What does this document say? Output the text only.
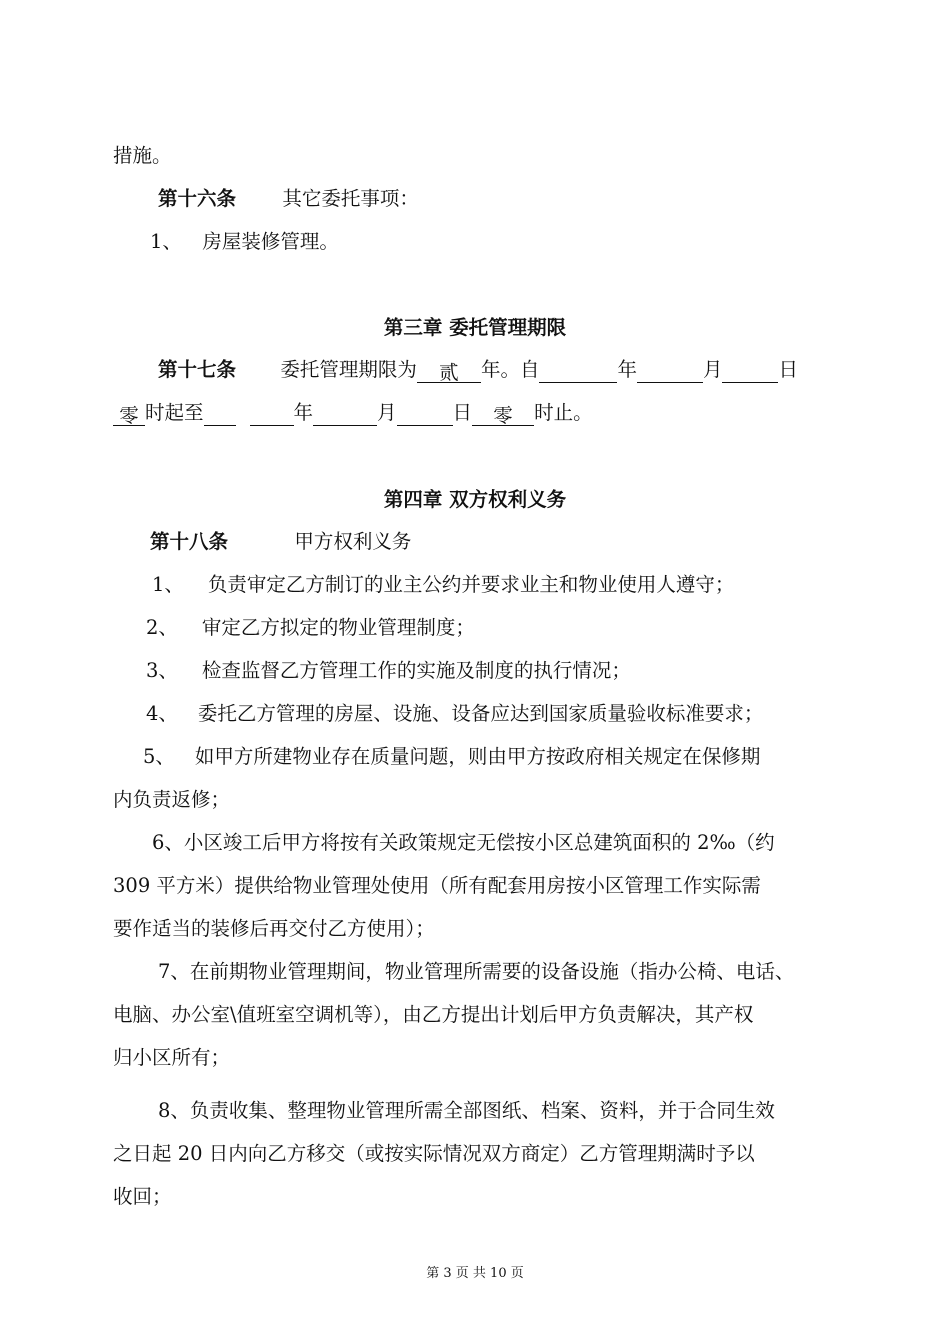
措施。
第十六条 其它委托事项：
1、 房屋装修管理。
第三章 委托管理期限
第十七条 委托管理期限为 贰 年。自	年	月	日
零 时起至	年	月	日 零 时止。
第四章 双方权利义务
第十八条	甲方权利义务
1、 负责审定乙方制订的业主公约并要求业主和物业使用人遵守；
2、 审定乙方拟定的物业管理制度；
3、 检查监督乙方管理工作的实施及制度的执行情况；
4、 委托乙方管理的房屋、设施、设备应达到国家质量验收标准要求；
5、 如甲方所建物业存在质量问题，则由甲方按政府相关规定在保修期
内负责返修；
6、小区竣工后甲方将按有关政策规定无偿按小区总建筑面积的 2‰（约
309 平方米）提供给物业管理处使用（所有配套用房按小区管理工作实际需
要作适当的装修后再交付乙方使用）；
7、在前期物业管理期间，物业管理所需要的设备设施（指办公椅、电话、
电脑、办公室\值班室空调机等），由乙方提出计划后甲方负责解决，其产权
归小区所有；
8、负责收集、整理物业管理所需全部图纸、档案、资料，并于合同生效
之日起 20 日内向乙方移交（或按实际情况双方商定）乙方管理期满时予以
收回；
第 3 页 共 10 页
